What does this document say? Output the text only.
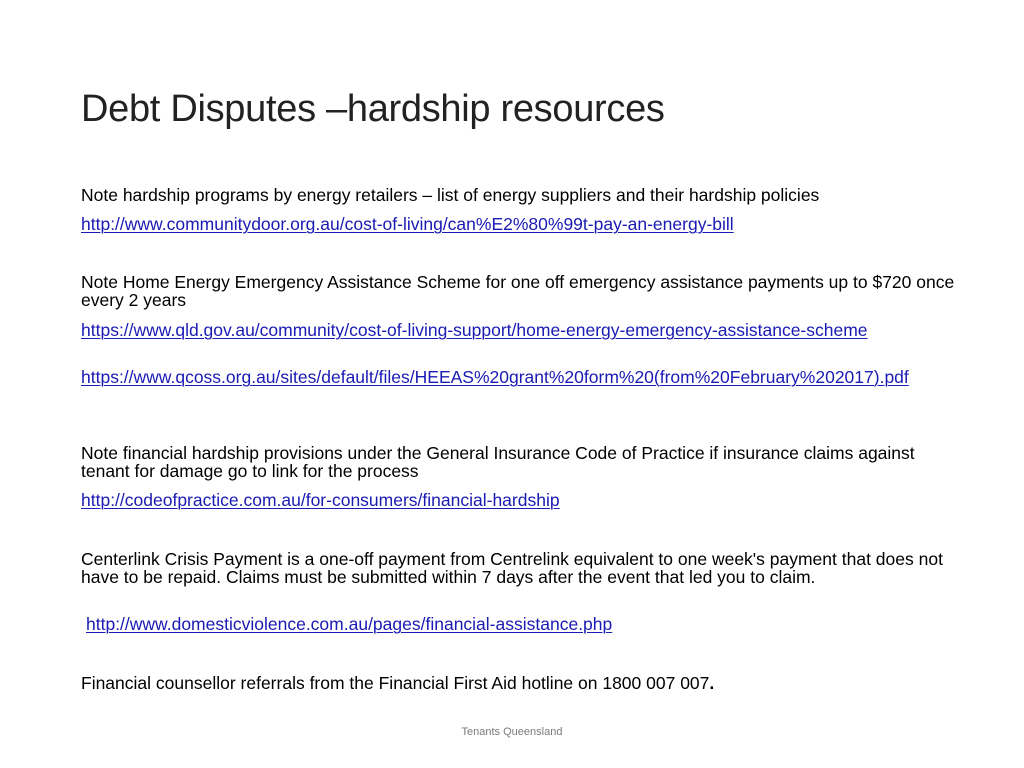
Debt Disputes –hardship resources
Note hardship programs by energy retailers – list of energy suppliers and their hardship policies
http://www.communitydoor.org.au/cost-of-living/can%E2%80%99t-pay-an-energy-bill
Note Home Energy Emergency Assistance Scheme for one off emergency assistance payments up to $720 once every 2 years
https://www.qld.gov.au/community/cost-of-living-support/home-energy-emergency-assistance-scheme
https://www.qcoss.org.au/sites/default/files/HEEAS%20grant%20form%20(from%20February%202017).pdf
Note financial hardship provisions under the General Insurance Code of Practice if insurance claims against tenant for damage go to link for the process
http://codeofpractice.com.au/for-consumers/financial-hardship
Centerlink Crisis Payment is a one-off payment from Centrelink equivalent to one week's payment that does not have to be repaid. Claims must be submitted within 7 days after the event that led you to claim.
http://www.domesticviolence.com.au/pages/financial-assistance.php
Financial counsellor referrals from the Financial First Aid hotline on 1800 007 007.
Tenants Queensland
